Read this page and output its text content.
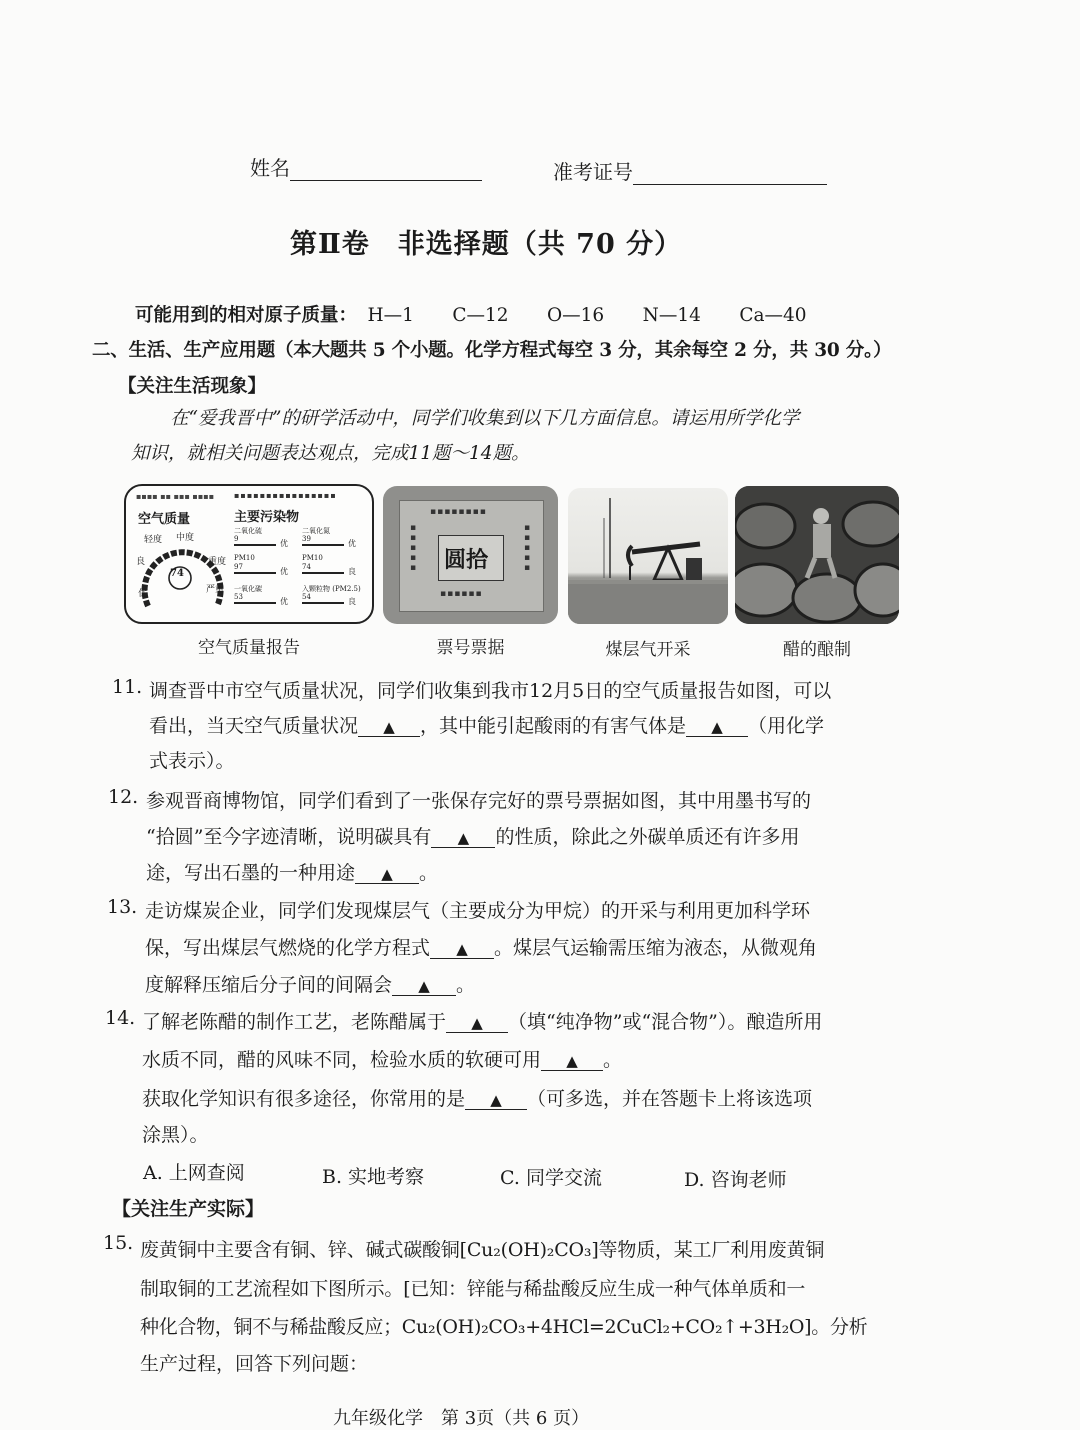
姓名	准考证号
第Ⅱ卷　非选择题（共 70 分）
可能用到的相对原子质量： H—1 C—12 O—16 N—14 Ca—40
二、生活、生产应用题（本大题共 5 个小题。化学方程式每空 3 分，其余每空 2 分，共 30 分。）
【关注生活现象】
在“爱我晋中”的研学活动中，同学们收集到以下几方面信息。请运用所学化学
知识，就相关问题表达观点，完成11题～14题。
▪▪▪▪ ▪▪ ▪▪▪ ▪▪▪▪ ▪▪▪▪▪▪▪▪▪▪▪▪▪▪▪▪
空气质量	主要污染物
74
轻度 中度
良	重度
优	严重
二氧化硫
9	优
二氧化氮
39	优
PM10
97	优
PM10
74	良
一氧化碳
53	优
入颗粒物 (PM2.5)
54	良
空气质量报告
▪▪▪▪▪▪▪▪
▪▪▪▪▪	▪▪▪▪▪
圆拾
▪▪▪▪▪▪
票号票据	煤层气开采	醋的酿制
11. 调查晋中市空气质量状况，同学们收集到我市12月5日的空气质量报告如图，可以
看出，当天空气质量状况 ▲ ，其中能引起酸雨的有害气体是 ▲ （用化学
式表示）。
12. 参观晋商博物馆，同学们看到了一张保存完好的票号票据如图，其中用墨书写的
“拾圆”至今字迹清晰，说明碳具有 ▲ 的性质，除此之外碳单质还有许多用
途，写出石墨的一种用途 ▲ 。
13. 走访煤炭企业，同学们发现煤层气（主要成分为甲烷）的开采与利用更加科学环
保，写出煤层气燃烧的化学方程式 ▲ 。煤层气运输需压缩为液态，从微观角
度解释压缩后分子间的间隔会 ▲ 。
14. 了解老陈醋的制作工艺，老陈醋属于 ▲ （填“纯净物”或“混合物”）。酿造所用
水质不同，醋的风味不同，检验水质的软硬可用 ▲ 。
获取化学知识有很多途径，你常用的是 ▲ （可多选，并在答题卡上将该选项
涂黑）。
A. 上网查阅	B. 实地考察	C. 同学交流	D. 咨询老师
【关注生产实际】
15. 废黄铜中主要含有铜、锌、碱式碳酸铜[Cu₂(OH)₂CO₃]等物质，某工厂利用废黄铜
制取铜的工艺流程如下图所示。[已知：锌能与稀盐酸反应生成一种气体单质和一
种化合物，铜不与稀盐酸反应；Cu₂(OH)₂CO₃+4HCl=2CuCl₂+CO₂↑+3H₂O]。分析
生产过程，回答下列问题：
九年级化学　第 3页（共 6 页）
